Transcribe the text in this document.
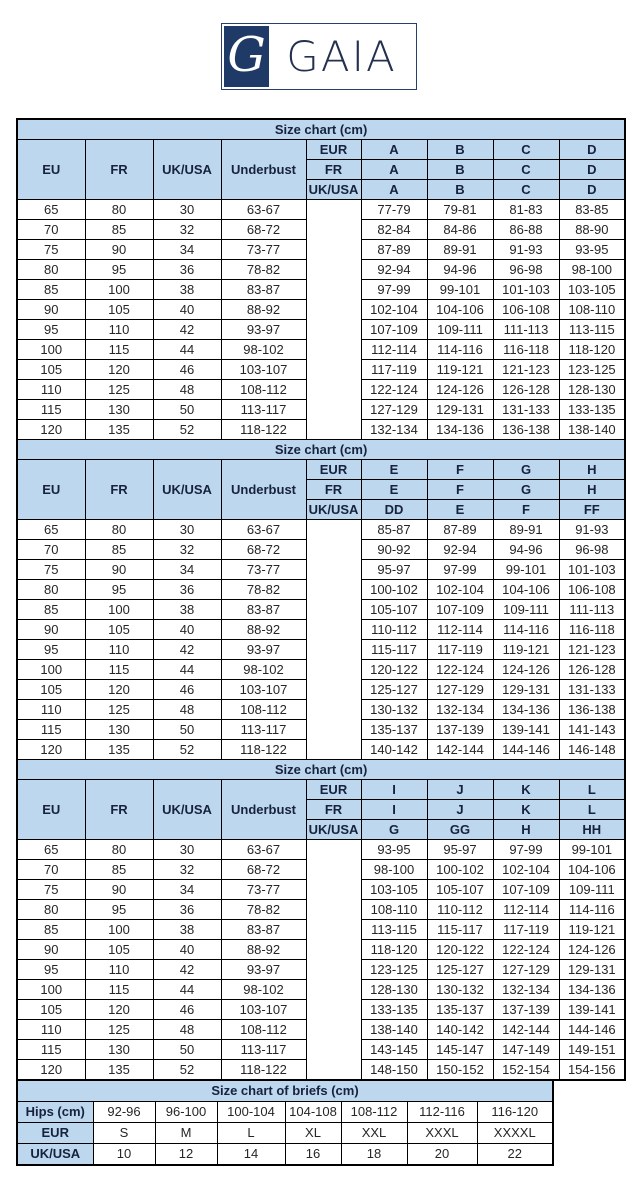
G GAIA
Size chart (cm)								
EU	FR	UK/USA	Underbust	EUR	A	B	C	D
				FR	A	B	C	D
				UK/USA	A	B	C	D
65	80	30	63-67		77-79	79-81	81-83	83-85
70	85	32	68-72		82-84	84-86	86-88	88-90
75	90	34	73-77		87-89	89-91	91-93	93-95
80	95	36	78-82		92-94	94-96	96-98	98-100
85	100	38	83-87		97-99	99-101	101-103	103-105
90	105	40	88-92		102-104	104-106	106-108	108-110
95	110	42	93-97		107-109	109-111	111-113	113-115
100	115	44	98-102		112-114	114-116	116-118	118-120
105	120	46	103-107		117-119	119-121	121-123	123-125
110	125	48	108-112		122-124	124-126	126-128	128-130
115	130	50	113-117		127-129	129-131	131-133	133-135
120	135	52	118-122		132-134	134-136	136-138	138-140
Size chart (cm)								
EU	FR	UK/USA	Underbust	EUR	E	F	G	H
				FR	E	F	G	H
				UK/USA	DD	E	F	FF
65	80	30	63-67		85-87	87-89	89-91	91-93
70	85	32	68-72		90-92	92-94	94-96	96-98
75	90	34	73-77		95-97	97-99	99-101	101-103
80	95	36	78-82		100-102	102-104	104-106	106-108
85	100	38	83-87		105-107	107-109	109-111	111-113
90	105	40	88-92		110-112	112-114	114-116	116-118
95	110	42	93-97		115-117	117-119	119-121	121-123
100	115	44	98-102		120-122	122-124	124-126	126-128
105	120	46	103-107		125-127	127-129	129-131	131-133
110	125	48	108-112		130-132	132-134	134-136	136-138
115	130	50	113-117		135-137	137-139	139-141	141-143
120	135	52	118-122		140-142	142-144	144-146	146-148
Size chart (cm)								
EU	FR	UK/USA	Underbust	EUR	I	J	K	L
				FR	I	J	K	L
				UK/USA	G	GG	H	HH
65	80	30	63-67		93-95	95-97	97-99	99-101
70	85	32	68-72		98-100	100-102	102-104	104-106
75	90	34	73-77		103-105	105-107	107-109	109-111
80	95	36	78-82		108-110	110-112	112-114	114-116
85	100	38	83-87		113-115	115-117	117-119	119-121
90	105	40	88-92		118-120	120-122	122-124	124-126
95	110	42	93-97		123-125	125-127	127-129	129-131
100	115	44	98-102		128-130	130-132	132-134	134-136
105	120	46	103-107		133-135	135-137	137-139	139-141
110	125	48	108-112		138-140	140-142	142-144	144-146
115	130	50	113-117		143-145	145-147	147-149	149-151
120	135	52	118-122		148-150	150-152	152-154	154-156
Size chart of briefs (cm)							
Hips (cm)	92-96	96-100	100-104	104-108	108-112	112-116	116-120
EUR	S	M	L	XL	XXL	XXXL	XXXXL
UK/USA	10	12	14	16	18	20	22
